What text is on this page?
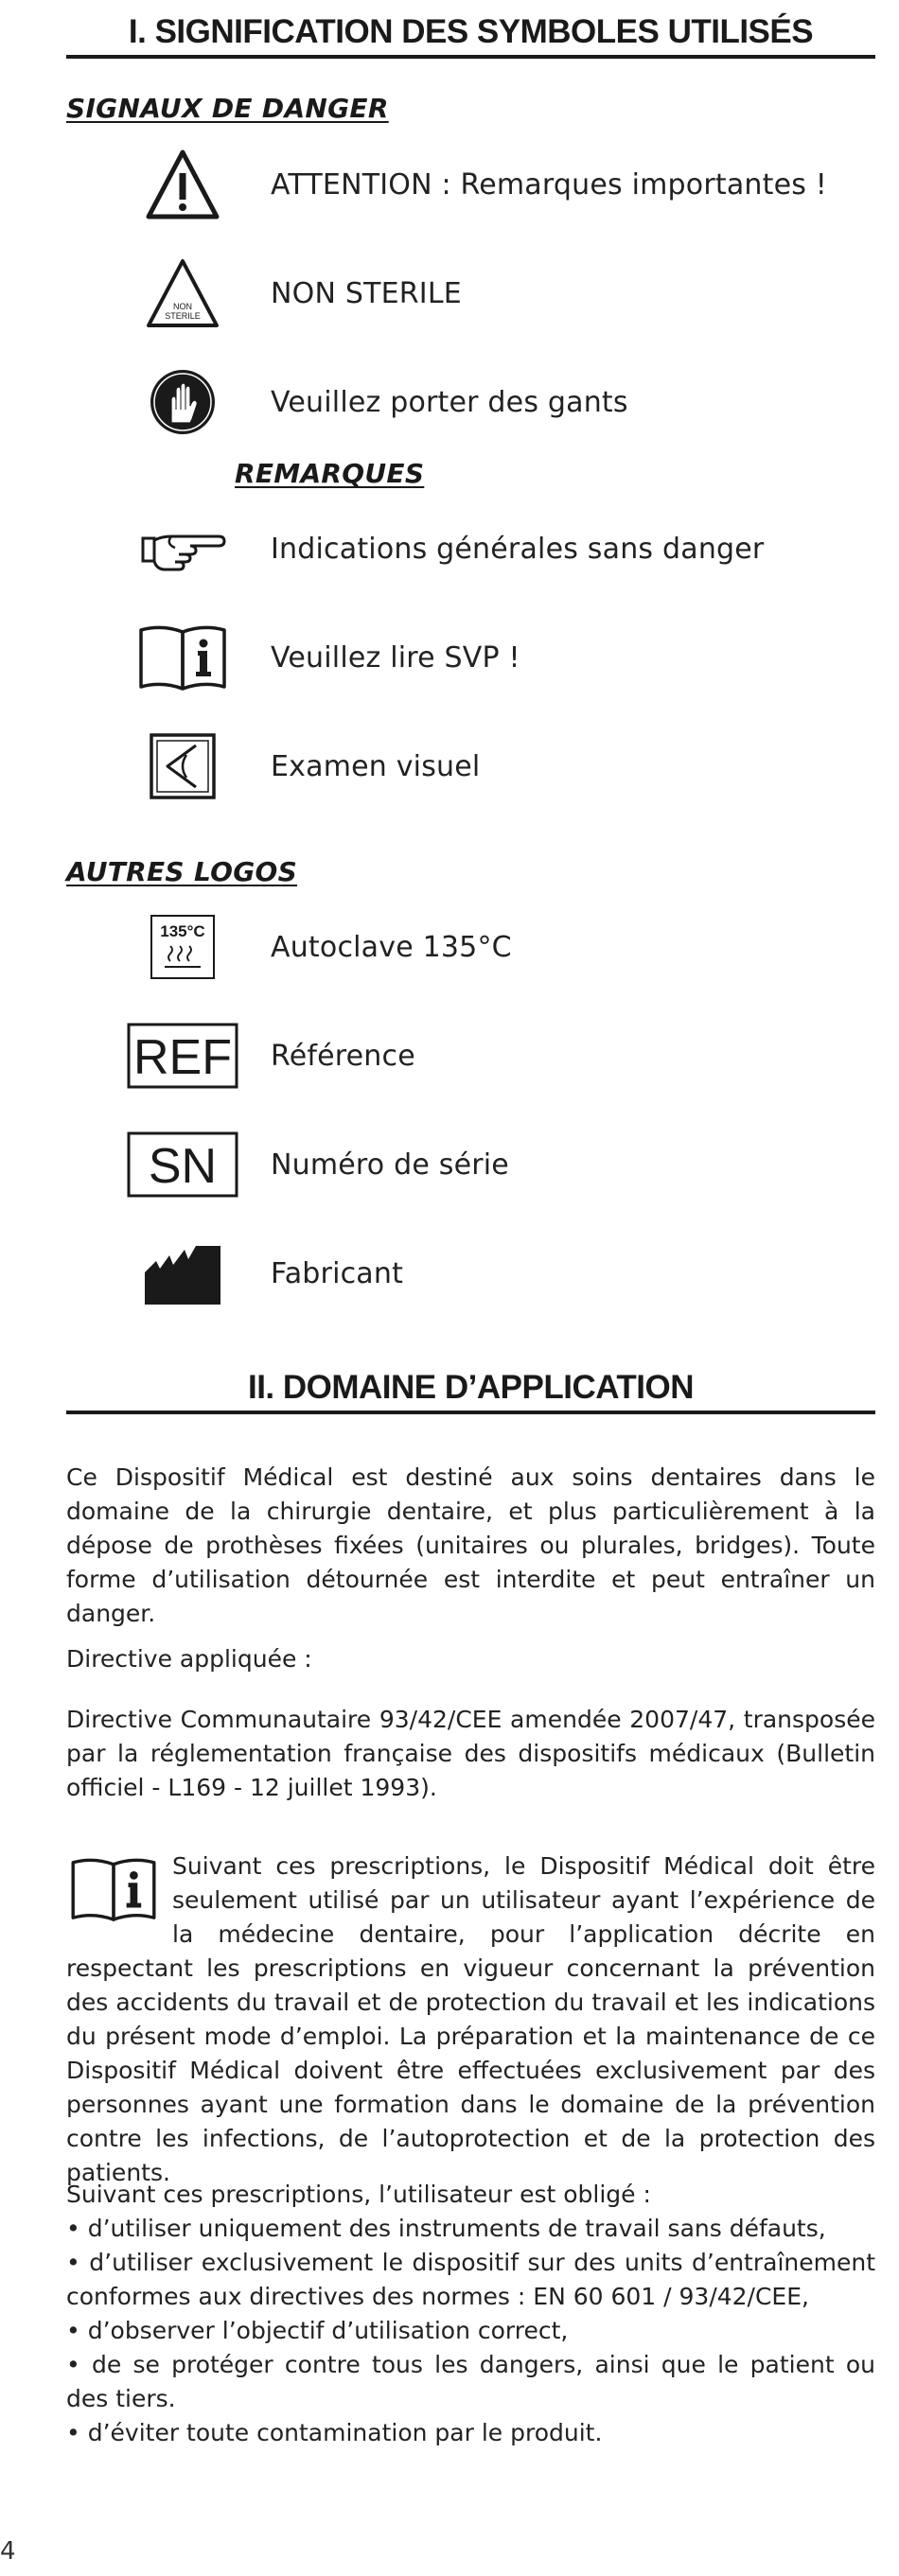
I. SIGNIFICATION DES SYMBOLES UTILISÉS
SIGNAUX DE DANGER
ATTENTION : Remarques importantes !
NON
STERILE
NON STERILE
Veuillez porter des gants
REMARQUES
Indications générales sans danger
Veuillez lire SVP !
Examen visuel
AUTRES LOGOS
135°C Autoclave 135°C
REF Référence
SN Numéro de série
Fabricant
II. DOMAINE D’APPLICATION

Ce Dispositif Médical est destiné aux soins dentaires dans le domaine de la chirurgie dentaire, et plus particulièrement à la dépose de prothèses fixées (unitaires ou plurales, bridges). Toute forme d’utilisation détournée est interdite et peut entraîner un danger.

Directive appliquée :

Directive Communautaire 93/42/CEE amendée 2007/47, transposée par la réglementation française des dispositifs médicaux (Bulletin officiel - L169 - 12 juillet 1993).

Suivant ces prescriptions, le Dispositif Médical doit être seulement utilisé par un utilisateur ayant l’expérience de la médecine dentaire, pour l’application décrite en respectant les prescriptions en vigueur concernant la prévention des accidents du travail et de protection du travail et les indications du présent mode d’emploi. La préparation et la maintenance de ce Dispositif Médical doivent être effectuées exclusivement par des personnes ayant une formation dans le domaine de la prévention contre les infections, de l’autoprotection et de la protection des patients.

Suivant ces prescriptions, l’utilisateur est obligé :

• d’utiliser uniquement des instruments de travail sans défauts,
• d’utiliser exclusivement le dispositif sur des units d’entraînement conformes aux directives des normes : EN 60 601 / 93/42/CEE,
• d’observer l’objectif d’utilisation correct,
• de se protéger contre tous les dangers, ainsi que le patient ou des tiers.
• d’éviter toute contamination par le produit.
4
